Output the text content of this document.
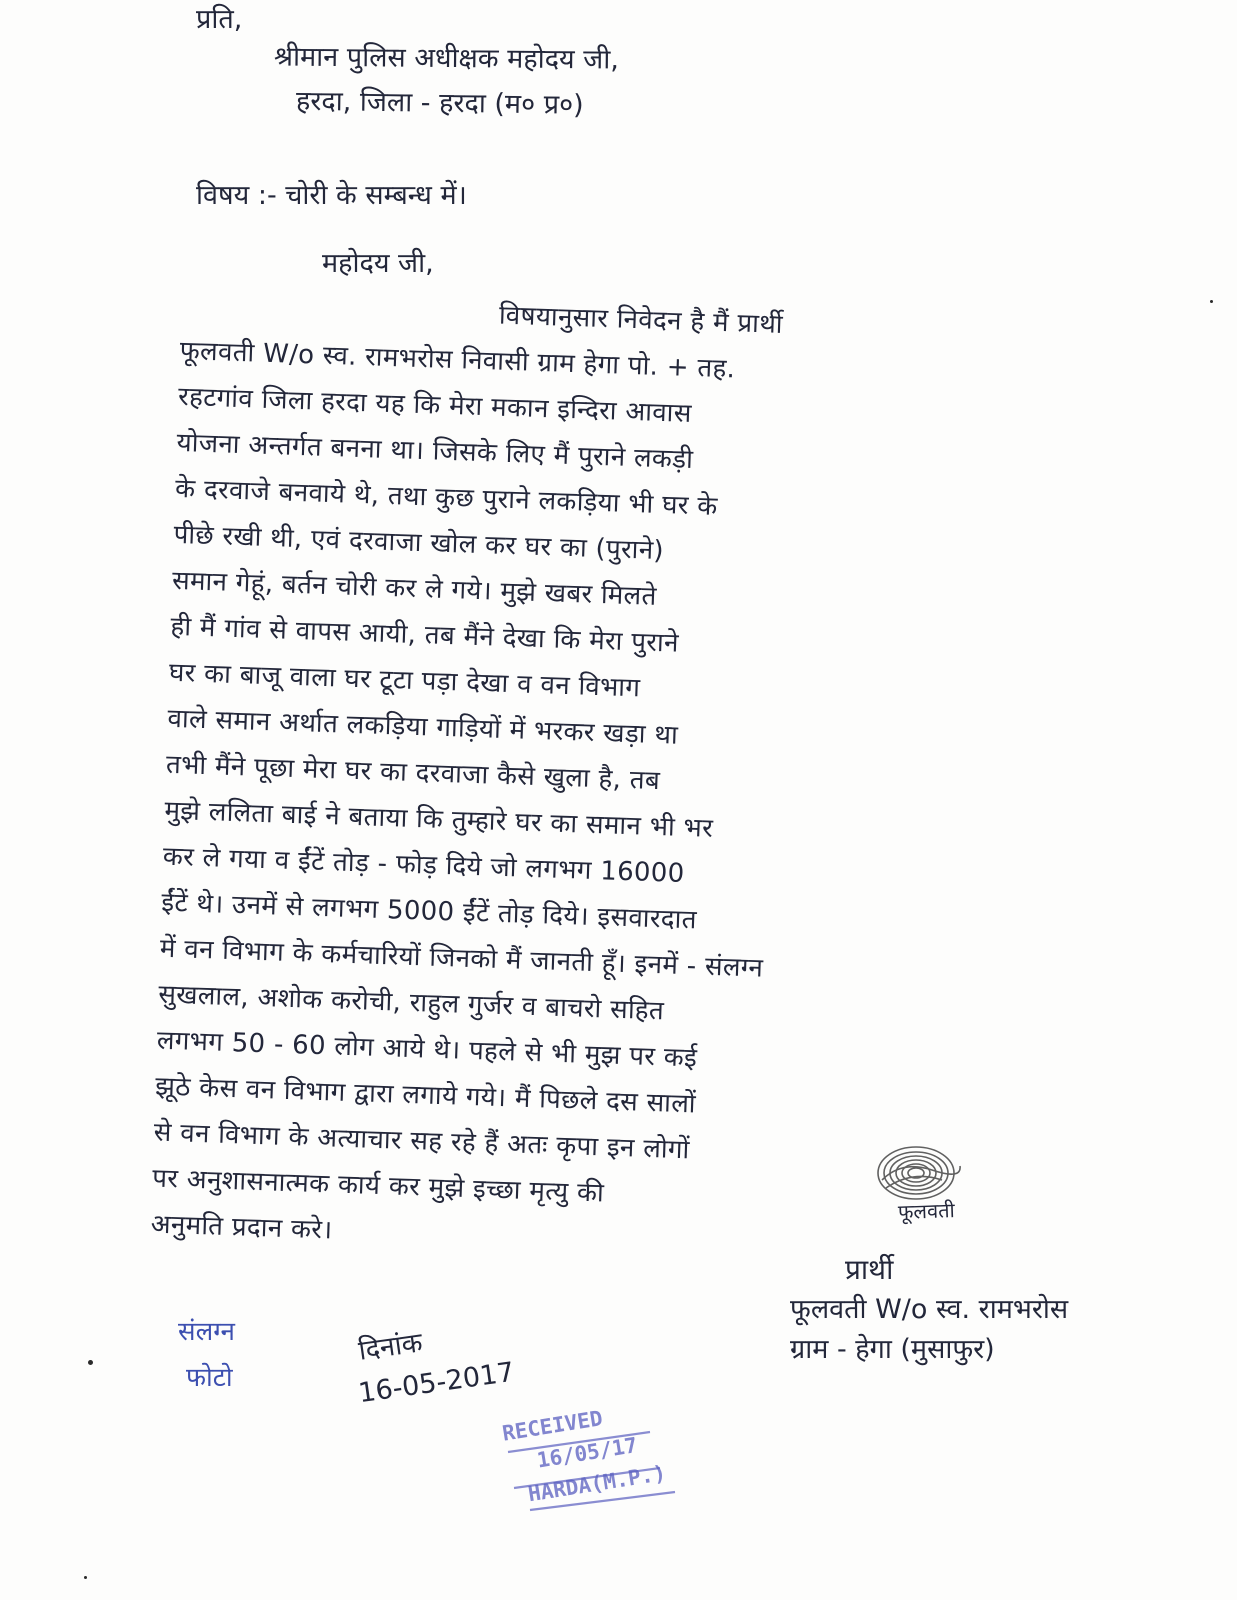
प्रति,
श्रीमान पुलिस अधीक्षक महोदय जी,
हरदा, जिला - हरदा (म० प्र०)
विषय :- चोरी के सम्बन्ध में।
महोदय जी,
विषयानुसार निवेदन है मैं प्रार्थी
फूलवती W/o स्व. रामभरोस निवासी ग्राम हेगा पो. + तह.
रहटगांव जिला हरदा यह कि मेरा मकान इन्दिरा आवास
योजना अन्तर्गत बनना था। जिसके लिए मैं पुराने लकड़ी
के दरवाजे बनवाये थे, तथा कुछ पुराने लकड़िया भी घर के
पीछे रखी थी, एवं दरवाजा खोल कर घर का (पुराने)
समान गेहूं, बर्तन चोरी कर ले गये। मुझे खबर मिलते
ही मैं गांव से वापस आयी, तब मैंने देखा कि मेरा पुराने
घर का बाजू वाला घर टूटा पड़ा देखा व वन विभाग
वाले समान अर्थात लकड़िया गाड़ियों में भरकर खड़ा था
तभी मैंने पूछा मेरा घर का दरवाजा कैसे खुला है, तब
मुझे ललिता बाई ने बताया कि तुम्हारे घर का समान भी भर
कर ले गया व ईंटें तोड़ - फोड़ दिये जो लगभग 16000
ईंटें थे। उनमें से लगभग 5000 ईंटें तोड़ दिये। इसवारदात
में वन विभाग के कर्मचारियों जिनको मैं जानती हूँ। इनमें - संलग्न
सुखलाल, अशोक करोची, राहुल गुर्जर व बाचरो सहित
लगभग 50 - 60 लोग आये थे। पहले से भी मुझ पर कई
झूठे केस वन विभाग द्वारा लगाये गये। मैं पिछले दस सालों
से वन विभाग के अत्याचार सह रहे हैं अतः कृपा इन लोगों
पर अनुशासनात्मक कार्य कर मुझे इच्छा मृत्यु की
अनुमति प्रदान करे।	फूलवती
प्रार्थी
फूलवती W/o स्व. रामभरोस
ग्राम - हेगा (मुसाफुर)
संलग्न
फोटो
दिनांक
16-05-2017
RECEIVED
16/05/17
HARDA(M.P.)
